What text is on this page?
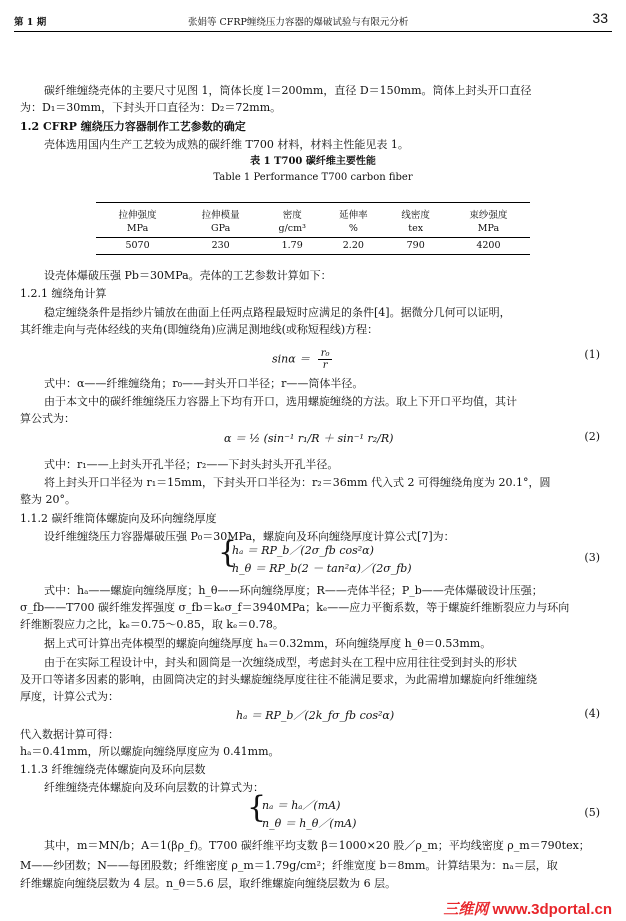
第 1 期	张娟等 CFRP缠绕压力容器的爆破试验与有限元分析	33
碳纤维缠绕壳体的主要尺寸见图 1，筒体长度 l＝200mm，直径 D＝150mm。筒体上封头开口直径
为：D₁＝30mm，下封头开口直径为：D₂＝72mm。
1.2 CFRP 缠绕压力容器制作工艺参数的确定
壳体选用国内生产工艺较为成熟的碳纤维 T700 材料，材料主性能见表 1。
表 1 T700 碳纤维主要性能
Table 1 Performance T700 carbon fiber
拉伸强度	拉伸模量	密度	延伸率	线密度	束纱强度
MPa	GPa	g/cm³	%	tex	MPa
5070	230	1.79	2.20	790	4200
设壳体爆破压强 Pb＝30MPa。壳体的工艺参数计算如下：
1.2.1 缠绕角计算
稳定缠绕条件是指纱片铺放在曲面上任两点路程最短时应满足的条件[4]。据微分几何可以证明，
其纤维走向与壳体经线的夹角(即缠绕角)应满足测地线(或称短程线)方程：
$\sin\alpha = \frac{\text{r₀}}{r}$	(1)
式中：α——纤维缠绕角；r₀——封头开口半径；r——筒体半径。
由于本文中的碳纤维缠绕压力容器上下均有开口，选用螺旋缠绕的方法。取上下开口平均值，其计
算公式为：
α ＝ ½ (sin⁻¹ r₁/R ＋ sin⁻¹ r₂/R)	(2)
式中：r₁——上封头开孔半径；r₂——下封头封头开孔半径。
将上封头开口半径为 r₁＝15mm，下封头开口半径为：r₂＝36mm 代入式 2 可得缠绕角度为 20.1°，圆
整为 20°。
1.1.2 碳纤维筒体螺旋向及环向缠绕厚度
设纤维缠绕压力容器爆破压强 P₀＝30MPa，螺旋向及环向缠绕厚度计算公式[7]为：
{
hₐ ＝ RP_b／(2σ_fb cos²α)
h_θ ＝ RP_b(2 － tan²α)／(2σ_fb)
(3)
式中：hₐ——螺旋向缠绕厚度；h_θ——环向缠绕厚度；R——壳体半径；P_b——壳体爆破设计压强；
σ_fb——T700 碳纤维发挥强度 σ_fb＝kₑσ_f＝3940MPa；kₑ——应力平衡系数，等于螺旋纤维断裂应力与环向
纤维断裂应力之比，kₑ＝0.75～0.85，取 kₑ＝0.78。
据上式可计算出壳体模型的螺旋向缠绕厚度 hₐ＝0.32mm，环向缠绕厚度 h_θ＝0.53mm。
由于在实际工程设计中，封头和圆筒是一次缠绕成型，考虑封头在工程中应用往往受到封头的形状
及开口等诸多因素的影响，由圆筒决定的封头螺旋缠绕厚度往往不能满足要求，为此需增加螺旋向纤维缠绕
厚度，计算公式为：
hₐ ＝ RP_b／(2k_fσ_fb cos²α)	(4)
代入数据计算可得：
hₐ＝0.41mm，所以螺旋向缠绕厚度应为 0.41mm。
1.1.3 纤维缠绕壳体螺旋向及环向层数
纤维缠绕壳体螺旋向及环向层数的计算式为：
{
nₐ ＝ hₐ／(mA)
n_θ ＝ h_θ／(mA)
(5)
其中，m＝MN/b；A＝1(βρ_f)。T700 碳纤维平均支数 β＝1000×20 股／ρ_m；平均线密度 ρ_m＝790tex；
M——纱团数；N——每团股数；纤维密度 ρ_m＝1.79g/cm²；纤维宽度 b＝8mm。计算结果为：nₐ＝层，取
纤维螺旋向缠绕层数为 4 层。n_θ＝5.6 层，取纤维螺旋向缠绕层数为 6 层。
三维网 www.3dportal.cn
